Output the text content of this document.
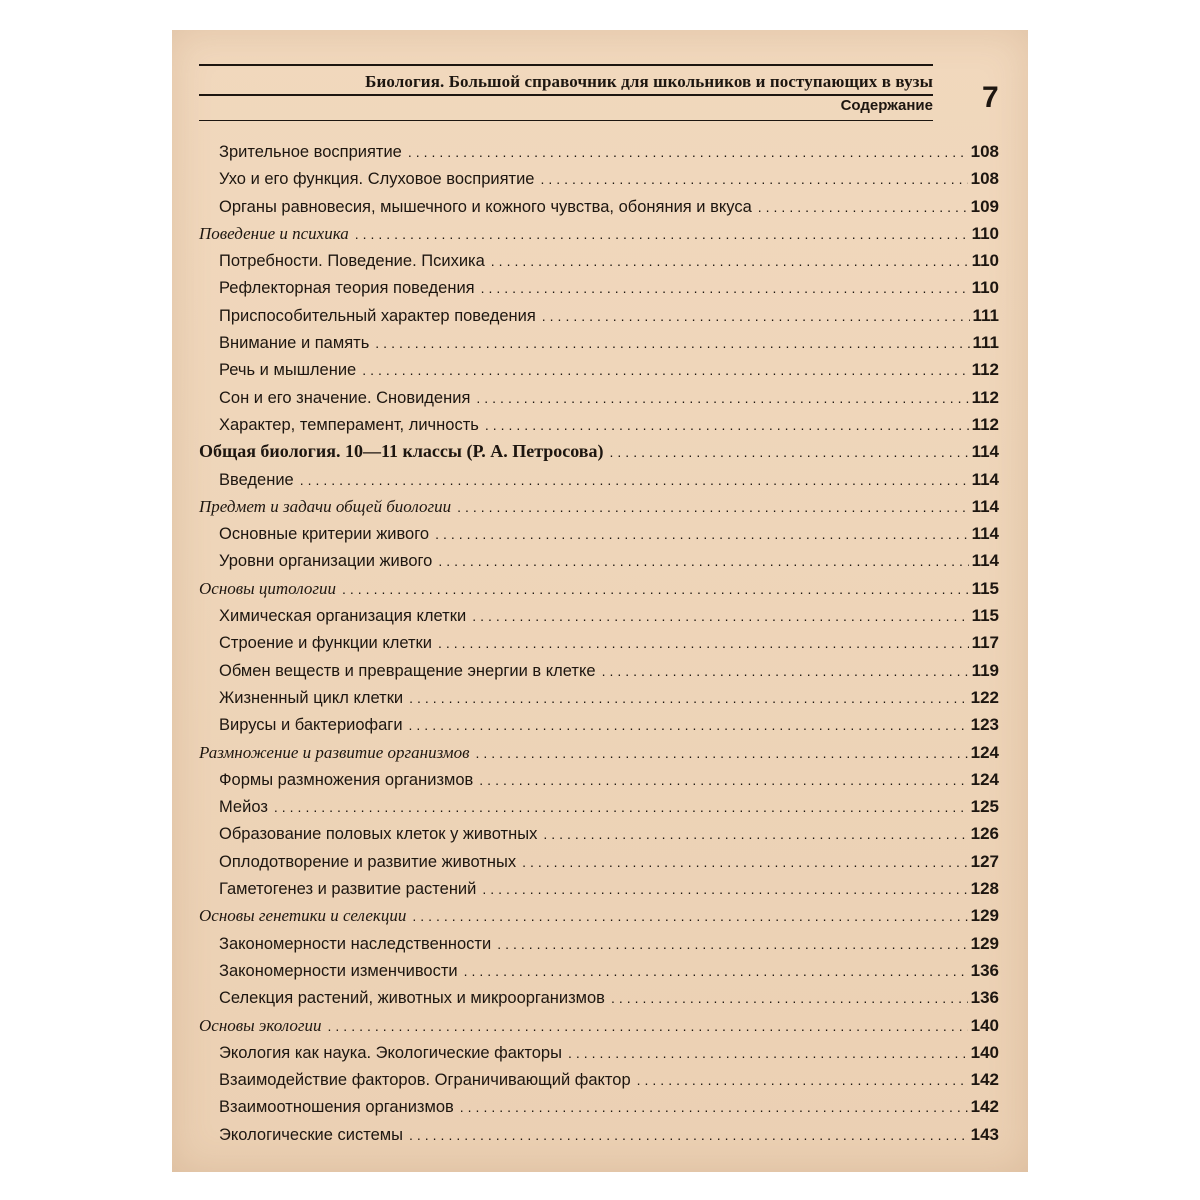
Биология. Большой справочник для школьников и поступающих в вузы
Содержание 7
Зрительное восприятие .....	108
Ухо и его функция. Слуховое восприятие .....	108
Органы равновесия, мышечного и кожного чувства, обоняния и вкуса .....	109
Поведение и психика .....	110
Потребности. Поведение. Психика .....	110
Рефлекторная теория поведения .....	110
Приспособительный характер поведения .....	111
Внимание и память .....	111
Речь и мышление .....	112
Сон и его значение. Сновидения .....	112
Характер, темперамент, личность .....	112
Общая биология. 10—11 классы (Р. А. Петросова) .....	114
Введение .....	114
Предмет и задачи общей биологии .....	114
Основные критерии живого .....	114
Уровни организации живого .....	114
Основы цитологии .....	115
Химическая организация клетки .....	115
Строение и функции клетки .....	117
Обмен веществ и превращение энергии в клетке .....	119
Жизненный цикл клетки .....	122
Вирусы и бактериофаги .....	123
Размножение и развитие организмов .....	124
Формы размножения организмов .....	124
Мейоз .....	125
Образование половых клеток у животных .....	126
Оплодотворение и развитие животных .....	127
Гаметогенез и развитие растений .....	128
Основы генетики и селекции .....	129
Закономерности наследственности .....	129
Закономерности изменчивости .....	136
Селекция растений, животных и микроорганизмов .....	136
Основы экологии .....	140
Экология как наука. Экологические факторы .....	140
Взаимодействие факторов. Ограничивающий фактор .....	142
Взаимоотношения организмов .....	142
Экологические системы .....	143
